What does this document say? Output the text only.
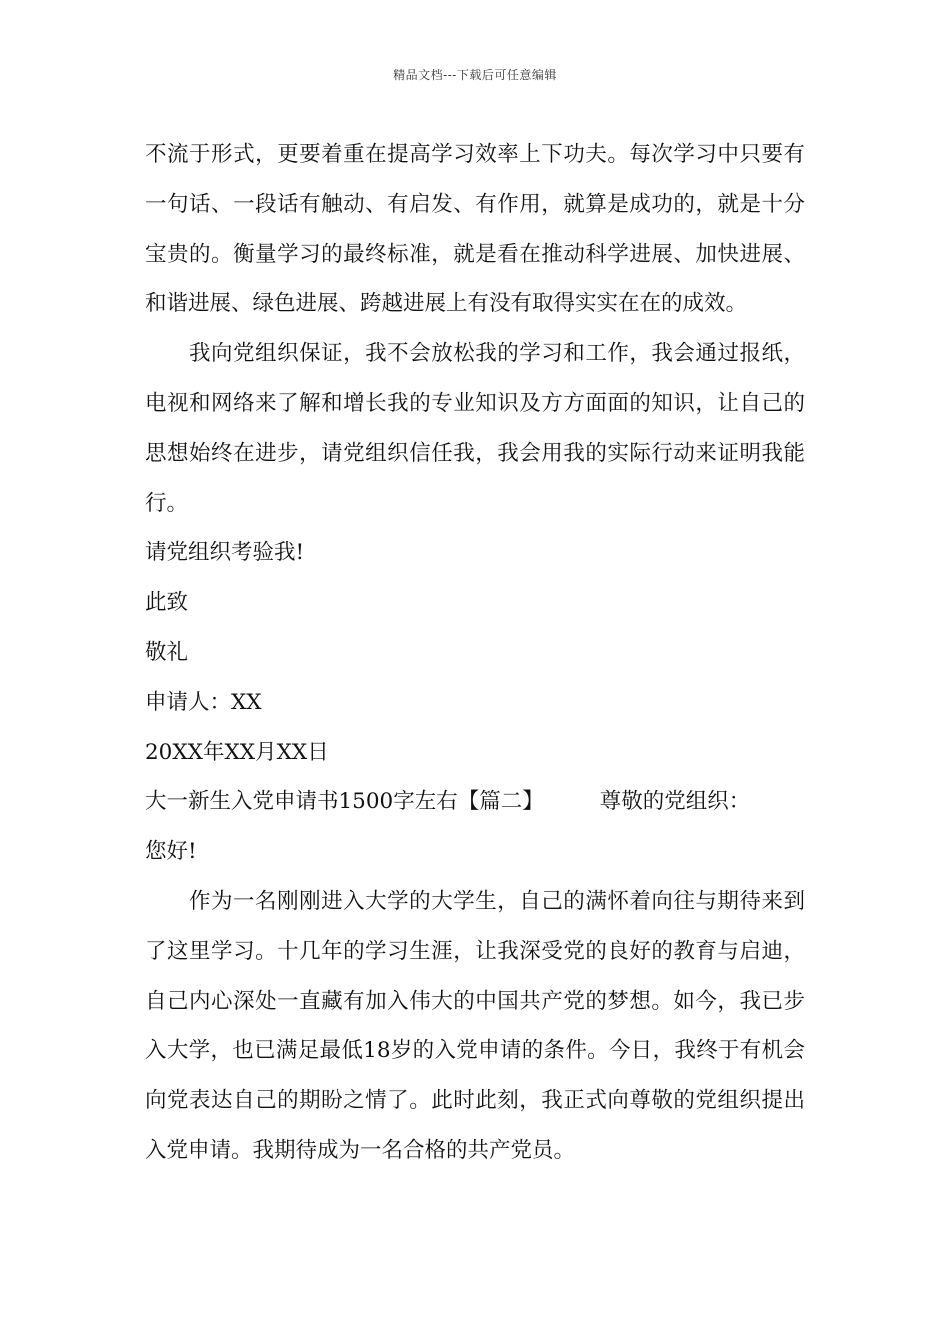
精品文档---下载后可任意编辑

不流于形式，更要着重在提高学习效率上下功夫。每次学习中只要有一句话、一段话有触动、有启发、有作用，就算是成功的，就是十分宝贵的。衡量学习的最终标准，就是看在推动科学进展、加快进展、和谐进展、绿色进展、跨越进展上有没有取得实实在在的成效。

我向党组织保证，我不会放松我的学习和工作，我会通过报纸，电视和网络来了解和增长我的专业知识及方方面面的知识，让自己的思想始终在进步，请党组织信任我，我会用我的实际行动来证明我能行。

请党组织考验我!

此致

敬礼

申请人：XX

20XX年XX月XX日

大一新生入党申请书1500字左右【篇二】	尊敬的党组织：

您好!

作为一名刚刚进入大学的大学生，自己的满怀着向往与期待来到了这里学习。十几年的学习生涯，让我深受党的良好的教育与启迪，自己内心深处一直藏有加入伟大的中国共产党的梦想。如今，我已步入大学，也已满足最低18岁的入党申请的条件。今日，我终于有机会向党表达自己的期盼之情了。此时此刻，我正式向尊敬的党组织提出入党申请。我期待成为一名合格的共产党员。
